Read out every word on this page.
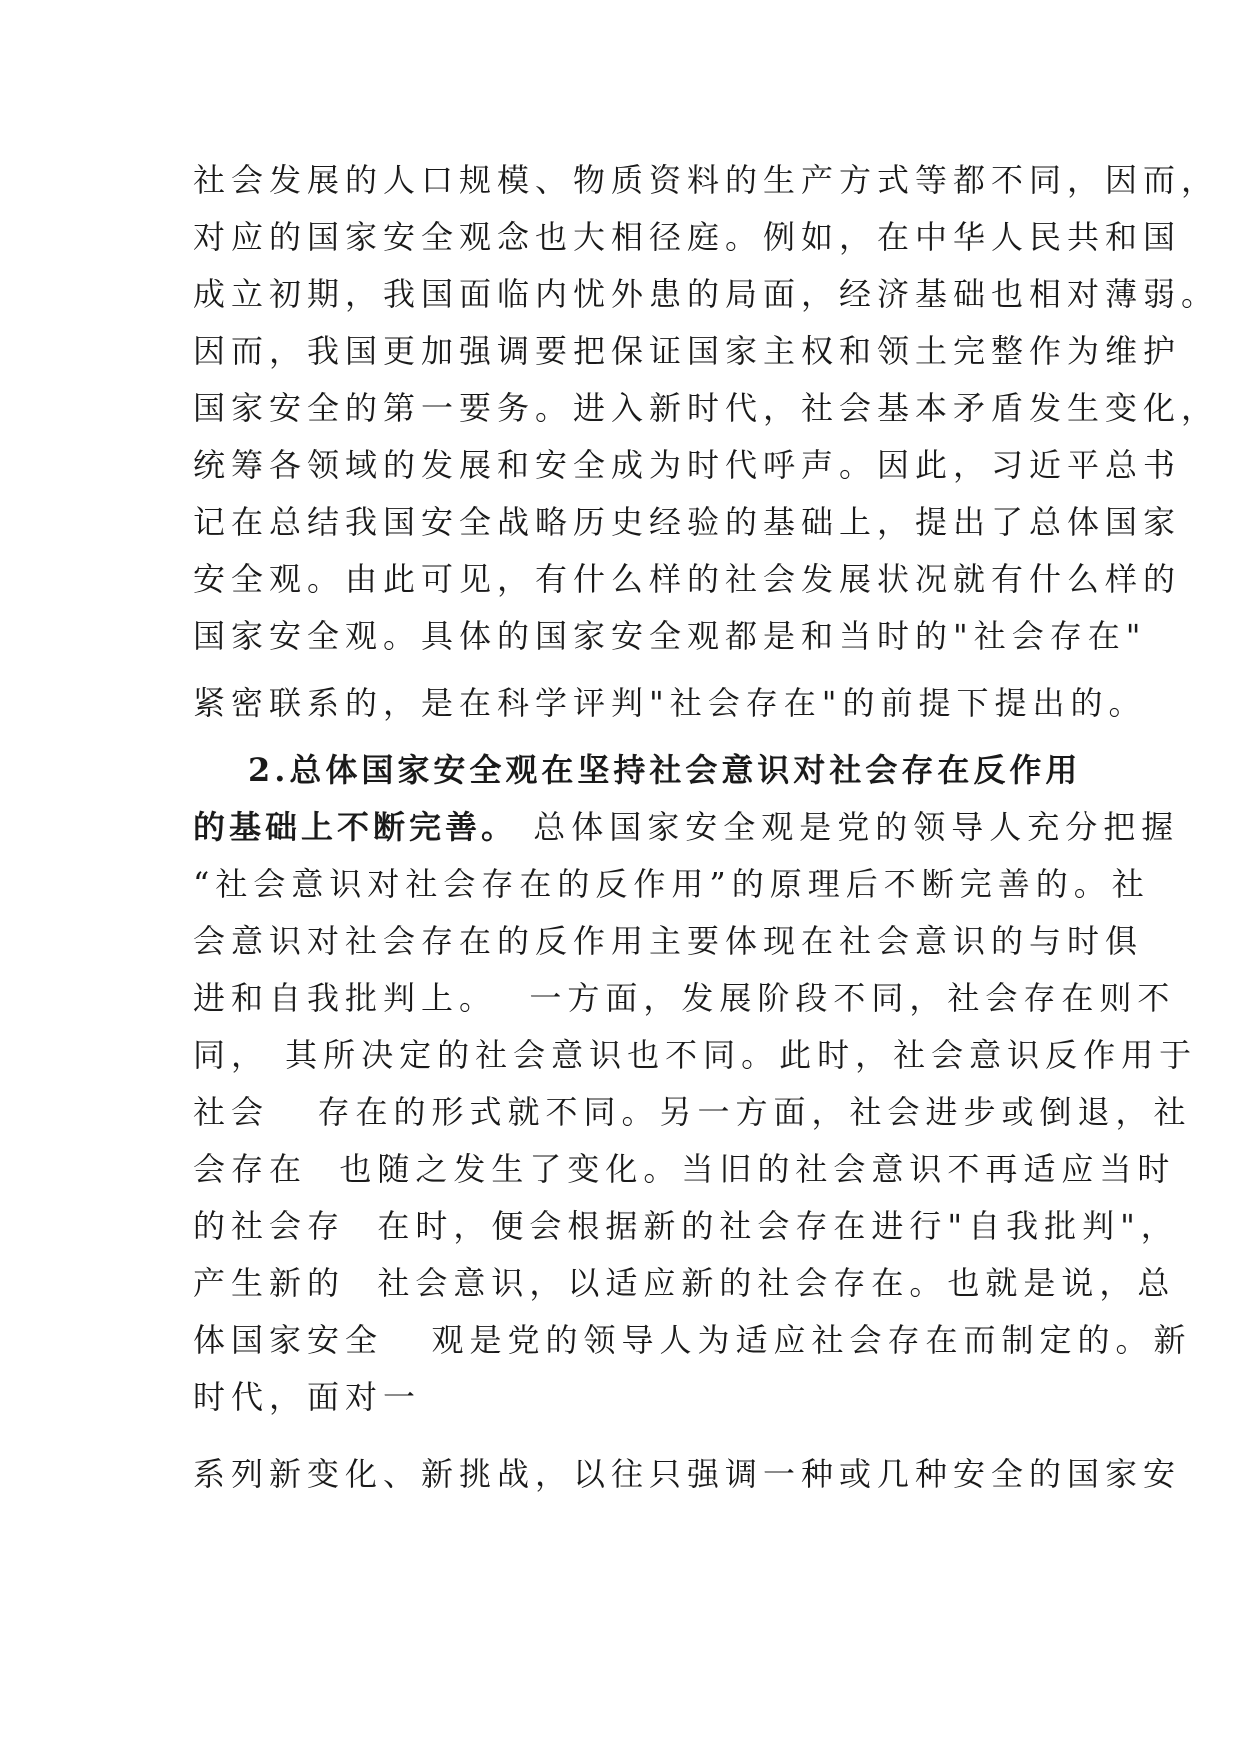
社会发展的人口规模、物质资料的生产方式等都不同，因而，
对应的国家安全观念也大相径庭。例如，在中华人民共和国
成立初期，我国面临内忧外患的局面，经济基础也相对薄弱。
因而，我国更加强调要把保证国家主权和领土完整作为维护
国家安全的第一要务。进入新时代，社会基本矛盾发生变化，
统筹各领域的发展和安全成为时代呼声。因此，习近平总书
记在总结我国安全战略历史经验的基础上，提出了总体国家
安全观。由此可见，有什么样的社会发展状况就有什么样的
国家安全观。具体的国家安全观都是和当时的"社会存在"
紧密联系的，是在科学评判"社会存在"的前提下提出的。
2.总体国家安全观在坚持社会意识对社会存在反作用
的基础上不断完善。 总体国家安全观是党的领导人充分把握
“社会意识对社会存在的反作用”的原理后不断完善的。社
会意识对社会存在的反作用主要体现在社会意识的与时俱
进和自我批判上。  一方面，发展阶段不同，社会存在则不
同， 其所决定的社会意识也不同。此时，社会意识反作用于
社会   存在的形式就不同。另一方面，社会进步或倒退，社
会存在  也随之发生了变化。当旧的社会意识不再适应当时
的社会存  在时，便会根据新的社会存在进行"自我批判"，
产生新的  社会意识，以适应新的社会存在。也就是说，总
体国家安全   观是党的领导人为适应社会存在而制定的。新
时代，面对一
系列新变化、新挑战，以往只强调一种或几种安全的国家安
